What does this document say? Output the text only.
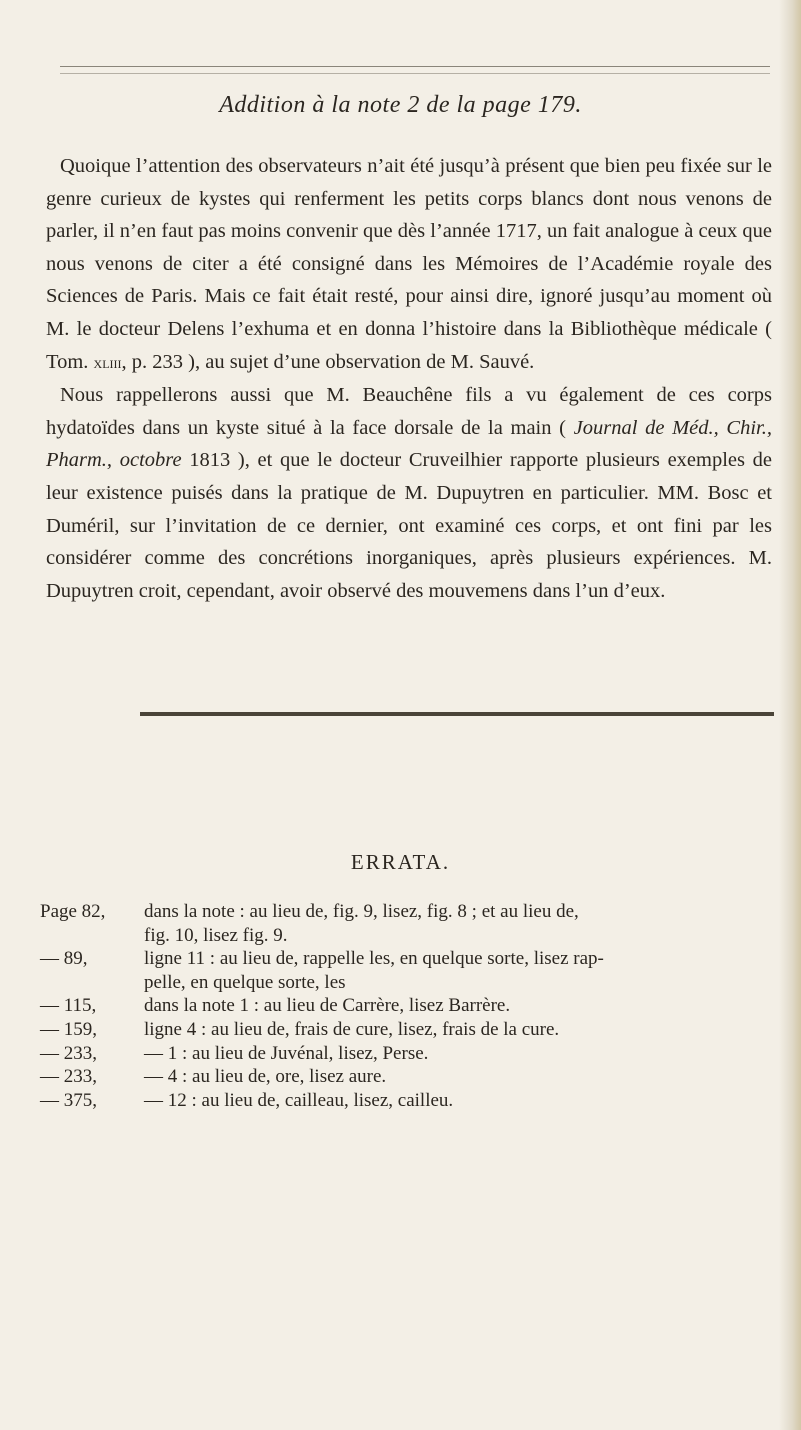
Addition à la note 2 de la page 179.

Quoique l’attention des observateurs n’ait été jusqu’à présent que bien peu fixée sur le genre curieux de kystes qui renferment les petits corps blancs dont nous venons de parler, il n’en faut pas moins convenir que dès l’année 1717, un fait analogue à ceux que nous venons de citer a été consigné dans les Mémoires de l’Académie royale des Sciences de Paris. Mais ce fait était resté, pour ainsi dire, ignoré jusqu’au moment où M. le docteur Delens l’exhuma et en donna l’histoire dans la Bibliothèque médicale ( Tom. xliii, p. 233 ), au sujet d’une observation de M. Sauvé.

Nous rappellerons aussi que M. Beauchêne fils a vu également de ces corps hydatoïdes dans un kyste situé à la face dorsale de la main ( Journal de Méd., Chir., Pharm., octobre 1813 ), et que le docteur Cruveilhier rapporte plusieurs exemples de leur existence puisés dans la pratique de M. Dupuytren en particulier. MM. Bosc et Duméril, sur l’invitation de ce dernier, ont examiné ces corps, et ont fini par les considérer comme des concrétions inorganiques, après plusieurs expériences. M. Dupuytren croit, cependant, avoir observé des mouvemens dans l’un d’eux.

ERRATA.
Page 82,	dans la note : au lieu de, fig. 9, lisez, fig. 8 ; et au lieu de,
fig. 10, lisez fig. 9.
— 89,	ligne 11 : au lieu de, rappelle les, en quelque sorte, lisez rap-
pelle, en quelque sorte, les
— 115,	dans la note 1 : au lieu de Carrère, lisez Barrère.
— 159,	ligne 4 : au lieu de, frais de cure, lisez, frais de la cure.
— 233,	— 1 : au lieu de Juvénal, lisez, Perse.
— 233,	— 4 : au lieu de, ore, lisez aure.
— 375,	— 12 : au lieu de, cailleau, lisez, cailleu.
